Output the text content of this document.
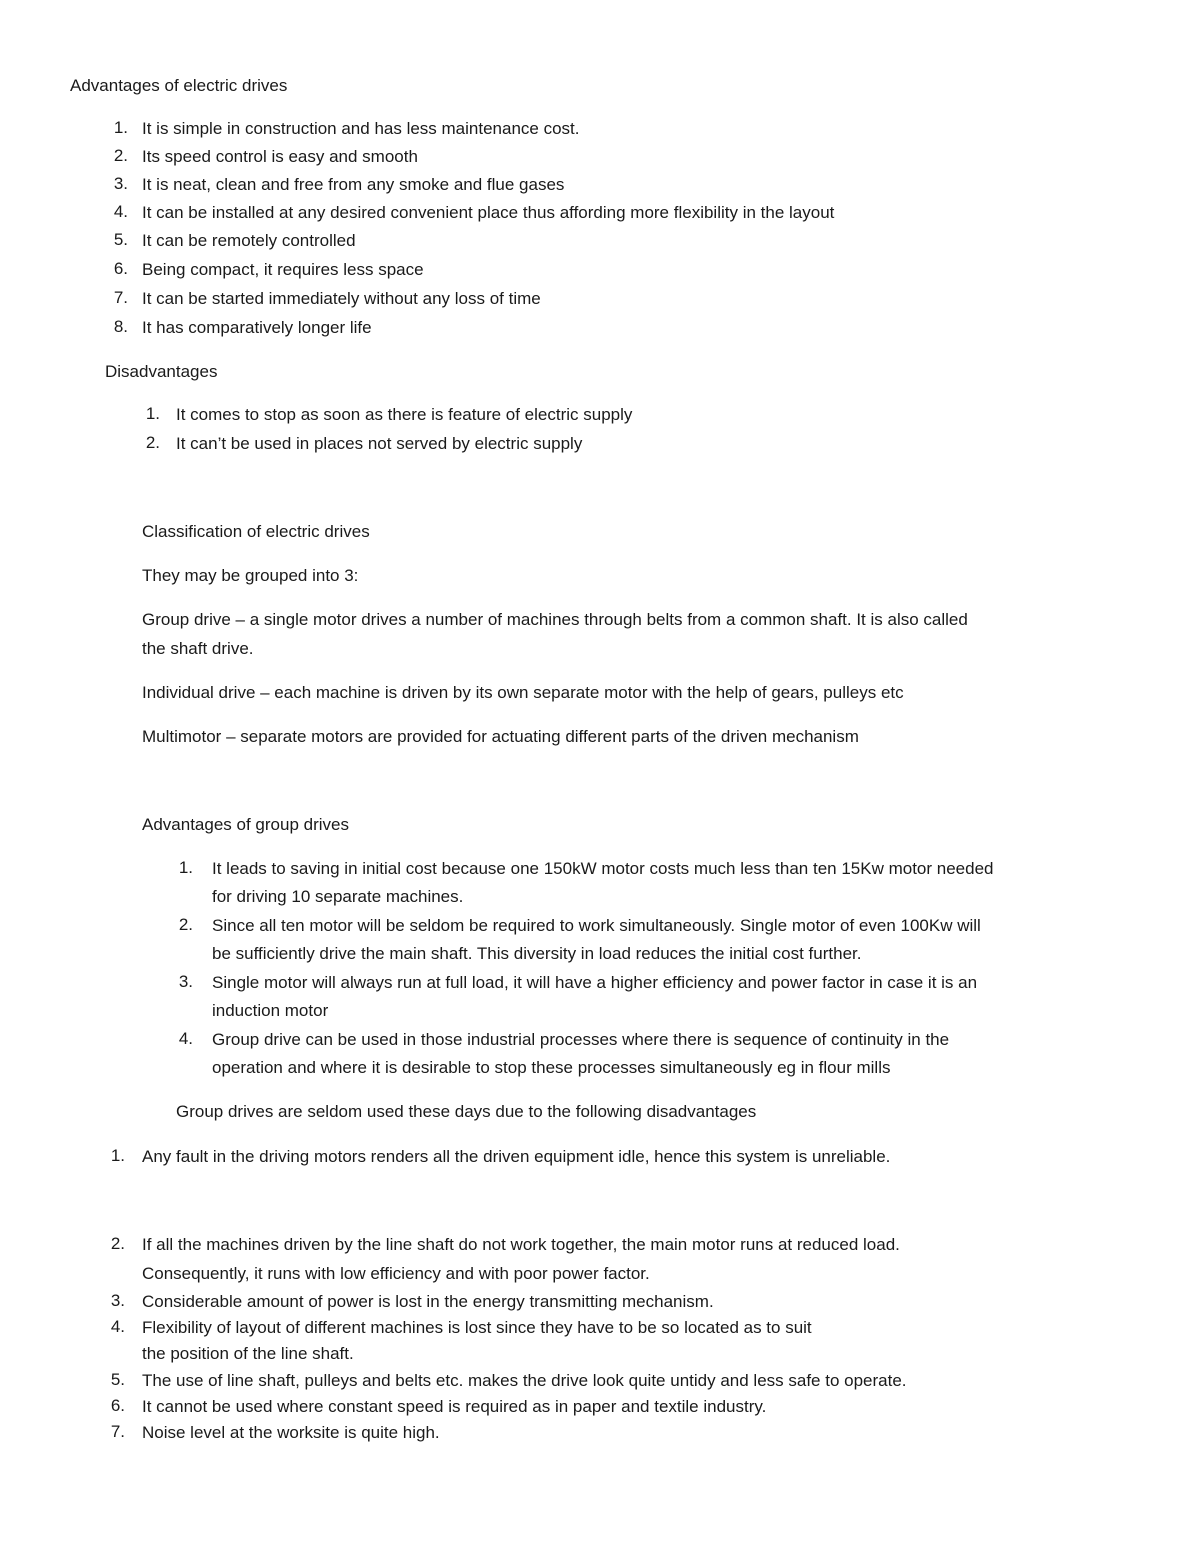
Advantages of electric drives
1. It is simple in construction and has less maintenance cost.
2. Its speed control is easy and smooth
3. It is neat, clean and free from any smoke and flue gases
4. It can be installed at any desired convenient place thus affording more flexibility in the layout
5. It can be remotely controlled
6. Being compact, it requires less space
7. It can be started immediately without any loss of time
8. It has comparatively longer life
Disadvantages
1. It comes to stop as soon as there is feature of electric supply
2. It can’t be used in places not served by electric supply
Classification of electric drives
They may be grouped into 3:
Group drive – a single motor drives a number of machines through belts from a common shaft. It is also called
the shaft drive.
Individual drive – each machine is driven by its own separate motor with the help of gears, pulleys etc
Multimotor – separate motors are provided for actuating different parts of the driven mechanism
Advantages of group drives
1. It leads to saving in initial cost because one 150kW motor costs much less than ten 15Kw motor needed
for driving 10 separate machines.
2. Since all ten motor will be seldom be required to work simultaneously. Single motor of even 100Kw will
be sufficiently drive the main shaft. This diversity in load reduces the initial cost further.
3. Single motor will always run at full load, it will have a higher efficiency and power factor in case it is an
induction motor
4. Group drive can be used in those industrial processes where there is sequence of continuity in the
operation and where it is desirable to stop these processes simultaneously eg in flour mills
Group drives are seldom used these days due to the following disadvantages
1. Any fault in the driving motors renders all the driven equipment idle, hence this system is unreliable.
2. If all the machines driven by the line shaft do not work together, the main motor runs at reduced load.
Consequently, it runs with low efficiency and with poor power factor.
3. Considerable amount of power is lost in the energy transmitting mechanism.
4. Flexibility of layout of different machines is lost since they have to be so located as to suit
the position of the line shaft.
5. The use of line shaft, pulleys and belts etc. makes the drive look quite untidy and less safe to operate.
6. It cannot be used where constant speed is required as in paper and textile industry.
7. Noise level at the worksite is quite high.
